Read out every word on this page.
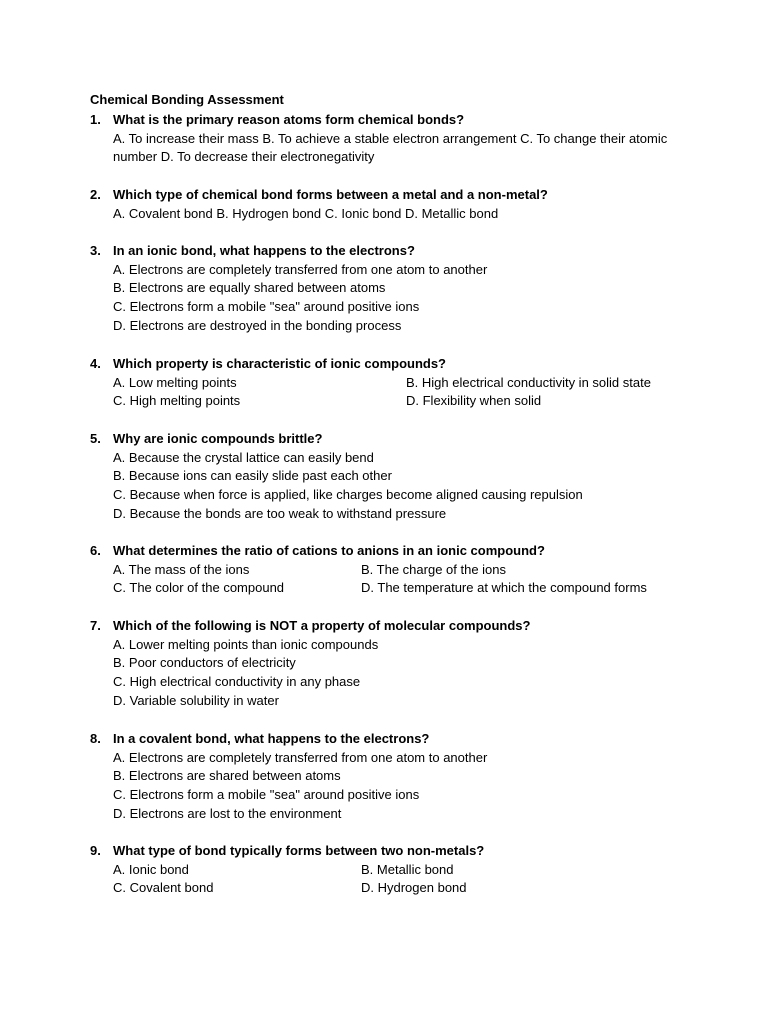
Chemical Bonding Assessment
1. What is the primary reason atoms form chemical bonds?
A. To increase their mass B. To achieve a stable electron arrangement C. To change their atomic number D. To decrease their electronegativity
2. Which type of chemical bond forms between a metal and a non-metal?
A. Covalent bond B. Hydrogen bond C. Ionic bond D. Metallic bond
3. In an ionic bond, what happens to the electrons?
A. Electrons are completely transferred from one atom to another
B. Electrons are equally shared between atoms
C. Electrons form a mobile "sea" around positive ions
D. Electrons are destroyed in the bonding process
4. Which property is characteristic of ionic compounds?
A. Low melting points	B. High electrical conductivity in solid state
C. High melting points	D. Flexibility when solid
5. Why are ionic compounds brittle?
A. Because the crystal lattice can easily bend
B. Because ions can easily slide past each other
C. Because when force is applied, like charges become aligned causing repulsion
D. Because the bonds are too weak to withstand pressure
6. What determines the ratio of cations to anions in an ionic compound?
A. The mass of the ions	B. The charge of the ions
C. The color of the compound	D. The temperature at which the compound forms
7. Which of the following is NOT a property of molecular compounds?
A. Lower melting points than ionic compounds
B. Poor conductors of electricity
C. High electrical conductivity in any phase
D. Variable solubility in water
8. In a covalent bond, what happens to the electrons?
A. Electrons are completely transferred from one atom to another
B. Electrons are shared between atoms
C. Electrons form a mobile "sea" around positive ions
D. Electrons are lost to the environment
9. What type of bond typically forms between two non-metals?
A. Ionic bond	B. Metallic bond
C. Covalent bond	D. Hydrogen bond
